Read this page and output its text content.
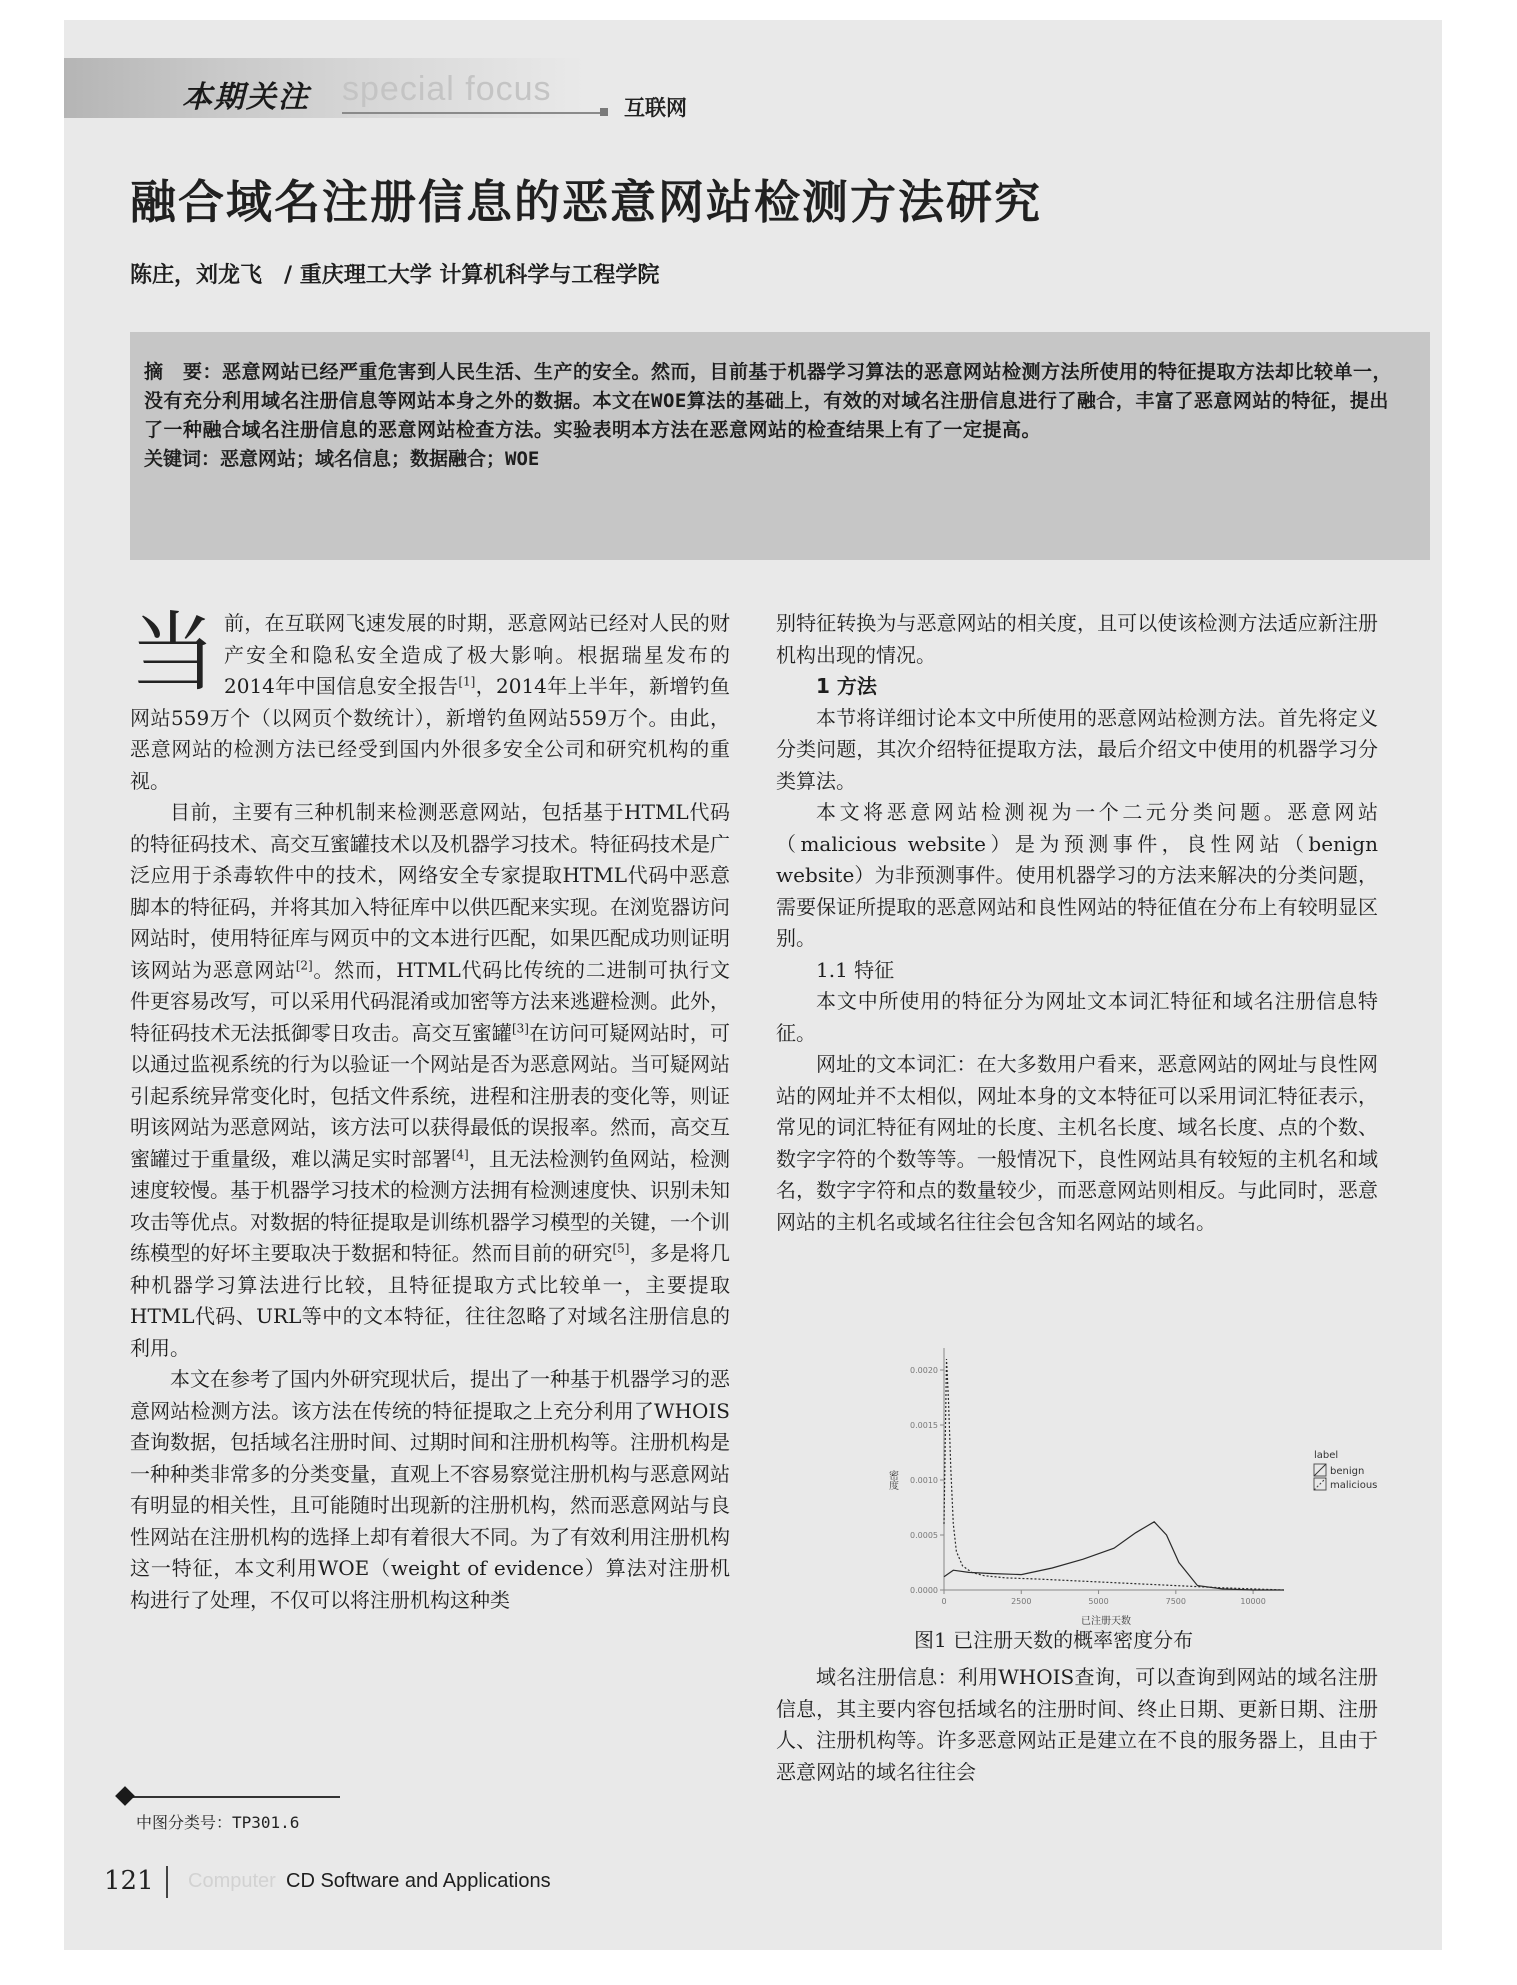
special focus
本期关注	互联网
融合域名注册信息的恶意网站检测方法研究
陈庄，刘龙飞　/ 重庆理工大学 计算机科学与工程学院

摘　要：恶意网站已经严重危害到人民生活、生产的安全。然而，目前基于机器学习算法的恶意网站检测方法所使用的特征提取方法却比较单一，没有充分利用域名注册信息等网站本身之外的数据。本文在WOE算法的基础上，有效的对域名注册信息进行了融合，丰富了恶意网站的特征，提出了一种融合域名注册信息的恶意网站检查方法。实验表明本方法在恶意网站的检查结果上有了一定提高。

关键词：恶意网站；域名信息；数据融合；WOE

当前，在互联网飞速发展的时期，恶意网站已经对人民的财产安全和隐私安全造成了极大影响。根据瑞星发布的2014年中国信息安全报告[1]，2014年上半年，新增钓鱼网站559万个（以网页个数统计），新增钓鱼网站559万个。由此，恶意网站的检测方法已经受到国内外很多安全公司和研究机构的重视。

目前，主要有三种机制来检测恶意网站，包括基于HTML代码的特征码技术、高交互蜜罐技术以及机器学习技术。特征码技术是广泛应用于杀毒软件中的技术，网络安全专家提取HTML代码中恶意脚本的特征码，并将其加入特征库中以供匹配来实现。在浏览器访问网站时，使用特征库与网页中的文本进行匹配，如果匹配成功则证明该网站为恶意网站[2]。然而，HTML代码比传统的二进制可执行文件更容易改写，可以采用代码混淆或加密等方法来逃避检测。此外，特征码技术无法抵御零日攻击。高交互蜜罐[3]在访问可疑网站时，可以通过监视系统的行为以验证一个网站是否为恶意网站。当可疑网站引起系统异常变化时，包括文件系统，进程和注册表的变化等，则证明该网站为恶意网站，该方法可以获得最低的误报率。然而，高交互蜜罐过于重量级，难以满足实时部署[4]，且无法检测钓鱼网站，检测速度较慢。基于机器学习技术的检测方法拥有检测速度快、识别未知攻击等优点。对数据的特征提取是训练机器学习模型的关键，一个训练模型的好坏主要取决于数据和特征。然而目前的研究[5]，多是将几种机器学习算法进行比较，且特征提取方式比较单一，主要提取HTML代码、URL等中的文本特征，往往忽略了对域名注册信息的利用。

本文在参考了国内外研究现状后，提出了一种基于机器学习的恶意网站检测方法。该方法在传统的特征提取之上充分利用了WHOIS查询数据，包括域名注册时间、过期时间和注册机构等。注册机构是一种种类非常多的分类变量，直观上不容易察觉注册机构与恶意网站有明显的相关性，且可能随时出现新的注册机构，然而恶意网站与良性网站在注册机构的选择上却有着很大不同。为了有效利用注册机构这一特征，本文利用WOE（weight of evidence）算法对注册机构进行了处理，不仅可以将注册机构这种类

别特征转换为与恶意网站的相关度，且可以使该检测方法适应新注册机构出现的情况。

1 方法

本节将详细讨论本文中所使用的恶意网站检测方法。首先将定义分类问题，其次介绍特征提取方法，最后介绍文中使用的机器学习分类算法。

本文将恶意网站检测视为一个二元分类问题。恶意网站（malicious website）是为预测事件，良性网站（benign website）为非预测事件。使用机器学习的方法来解决的分类问题，需要保证所提取的恶意网站和良性网站的特征值在分布上有较明显区别。

1.1 特征

本文中所使用的特征分为网址文本词汇特征和域名注册信息特征。

网址的文本词汇：在大多数用户看来，恶意网站的网址与良性网站的网址并不太相似，网址本身的文本特征可以采用词汇特征表示，常见的词汇特征有网址的长度、主机名长度、域名长度、点的个数、数字字符的个数等等。一般情况下，良性网站具有较短的主机名和域名，数字字符和点的数量较少，而恶意网站则相反。与此同时，恶意网站的主机名或域名往往会包含知名网站的域名。

0.0000
0.0005
0.0010
0.0015
0.0020
0	2500	5000	7500	10000
密度
已注册天数
label
benign
malicious
图1 已注册天数的概率密度分布

域名注册信息：利用WHOIS查询，可以查询到网站的域名注册信息，其主要内容包括域名的注册时间、终止日期、更新日期、注册人、注册机构等。许多恶意网站正是建立在不良的服务器上，且由于恶意网站的域名往往会

中图分类号：TP301.6
121 Computer CD Software and Applications
